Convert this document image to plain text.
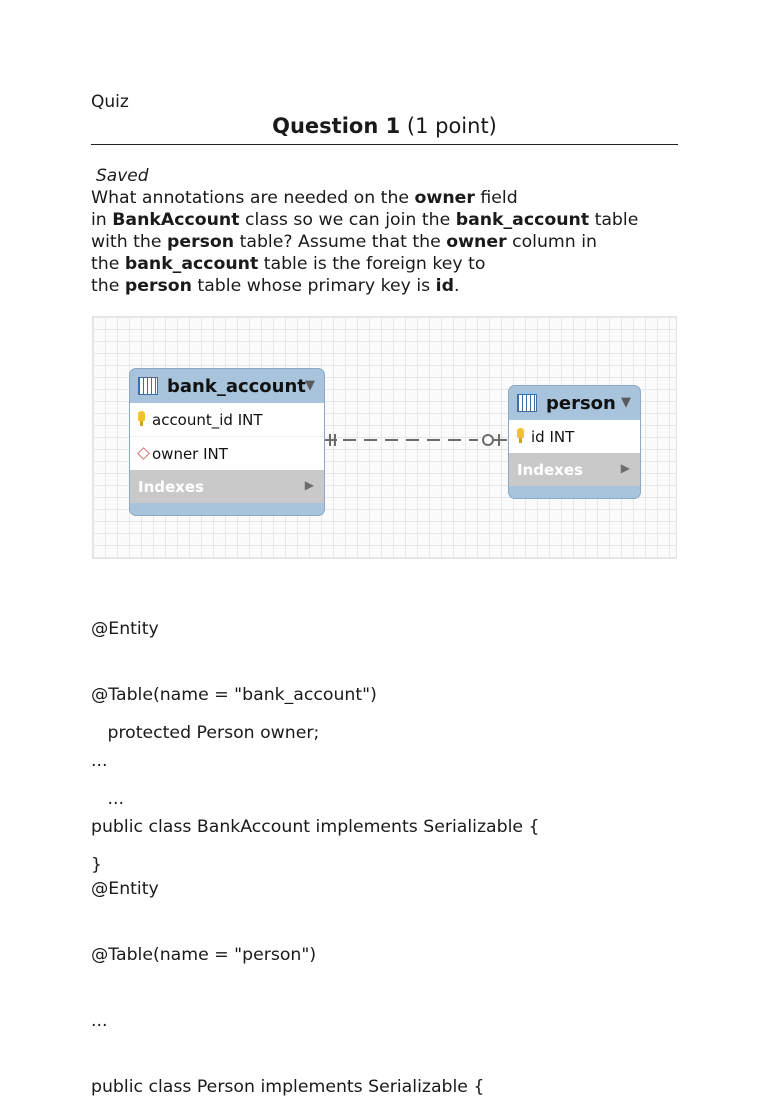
Quiz
Question 1 (1 point)
Saved
What annotations are needed on the owner field
in BankAccount class so we can join the bank_account table
with the person table? Assume that the owner column in
the bank_account table is the foreign key to
the person table whose primary key is id.
bank_account ▼
account_id INT
owner INT
Indexes	▶
person ▼
id INT
Indexes	▶

@Entity

@Table(name = "bank_account")

...

public class BankAccount implements Serializable {

protected Person owner;

...

}

@Entity

@Table(name = "person")

...

public class Person implements Serializable {
